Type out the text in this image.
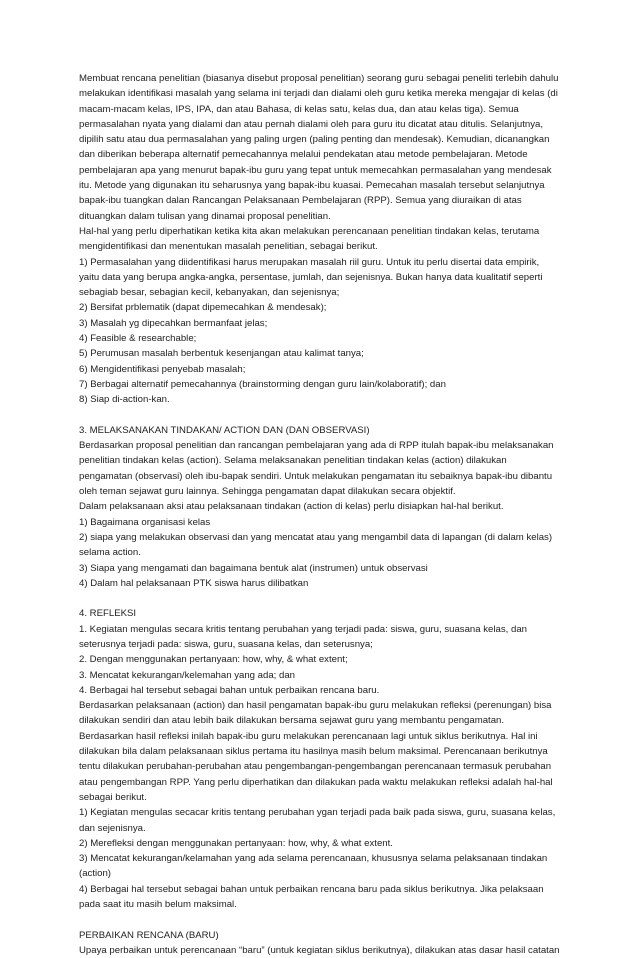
Membuat rencana penelitian (biasanya disebut proposal penelitian) seorang guru sebagai peneliti terlebih dahulu
melakukan identifikasi masalah yang selama ini terjadi dan dialami oleh guru ketika mereka mengajar di kelas (di
macam-macam kelas, IPS, IPA, dan atau Bahasa, di kelas satu, kelas dua, dan atau kelas tiga). Semua
permasalahan nyata yang dialami dan atau pernah dialami oleh para guru itu dicatat atau ditulis. Selanjutnya,
dipilih satu atau dua permasalahan yang paling urgen (paling penting dan mendesak). Kemudian, dicanangkan
dan diberikan beberapa alternatif pemecahannya melalui pendekatan atau metode pembelajaran. Metode
pembelajaran apa yang menurut bapak-ibu guru yang tepat untuk memecahkan permasalahan yang mendesak
itu. Metode yang digunakan itu seharusnya yang bapak-ibu kuasai. Pemecahan masalah tersebut selanjutnya
bapak-ibu tuangkan dalan Rancangan Pelaksanaan Pembelajaran (RPP). Semua yang diuraikan di atas
dituangkan dalam tulisan yang dinamai proposal penelitian.
Hal-hal yang perlu diperhatikan ketika kita akan melakukan perencanaan penelitian tindakan kelas, terutama
mengidentifikasi dan menentukan masalah penelitian, sebagai berikut.
1) Permasalahan yang diidentifikasi harus merupakan masalah riil guru. Untuk itu perlu disertai data empirik,
yaitu data yang berupa angka-angka, persentase, jumlah, dan sejenisnya. Bukan hanya data kualitatif seperti
sebagiab besar, sebagian kecil, kebanyakan, dan sejenisnya;
2) Bersifat prblematik (dapat dipemecahkan & mendesak);
3) Masalah yg dipecahkan bermanfaat jelas;
4) Feasible & researchable;
5) Perumusan masalah berbentuk kesenjangan atau kalimat tanya;
6) Mengidentifikasi penyebab masalah;
7) Berbagai alternatif pemecahannya (brainstorming dengan guru lain/kolaboratif); dan
8) Siap di-action-kan.
3. MELAKSANAKAN TINDAKAN/ ACTION DAN (DAN OBSERVASI)
Berdasarkan proposal penelitian dan rancangan pembelajaran yang ada di RPP itulah bapak-ibu melaksanakan
penelitian tindakan kelas (action). Selama melaksanakan penelitian tindakan kelas (action) dilakukan
pengamatan (observasi) oleh ibu-bapak sendiri. Untuk melakukan pengamatan itu sebaiknya bapak-ibu dibantu
oleh teman sejawat guru lainnya. Sehingga pengamatan dapat dilakukan secara objektif.
Dalam pelaksanaan aksi atau pelaksanaan tindakan (action di kelas) perlu disiapkan hal-hal berikut.
1) Bagaimana organisasi kelas
2) siapa yang melakukan observasi dan yang mencatat atau yang mengambil data di lapangan (di dalam kelas)
selama action.
3) Siapa yang mengamati dan bagaimana bentuk alat (instrumen) untuk observasi
4) Dalam hal pelaksanaan PTK siswa harus dilibatkan
4. REFLEKSI
1. Kegiatan mengulas secara kritis tentang perubahan yang terjadi pada: siswa, guru, suasana kelas, dan
seterusnya terjadi pada: siswa, guru, suasana kelas, dan seterusnya;
2. Dengan menggunakan pertanyaan: how, why, & what extent;
3. Mencatat kekurangan/kelemahan yang ada; dan
4. Berbagai hal tersebut sebagai bahan untuk perbaikan rencana baru.
Berdasarkan pelaksanaan (action) dan hasil pengamatan bapak-ibu guru melakukan refleksi (perenungan) bisa
dilakukan sendiri dan atau lebih baik dilakukan bersama sejawat guru yang membantu pengamatan.
Berdasarkan hasil refleksi inilah bapak-ibu guru melakukan perencanaan lagi untuk siklus berikutnya. Hal ini
dilakukan bila dalam pelaksanaan siklus pertama itu hasilnya masih belum maksimal. Perencanaan berikutnya
tentu dilakukan perubahan-perubahan atau pengembangan-pengembangan perencanaan termasuk perubahan
atau pengembangan RPP. Yang perlu diperhatikan dan dilakukan pada waktu melakukan refleksi adalah hal-hal
sebagai berikut.
1) Kegiatan mengulas secacar kritis tentang perubahan ygan terjadi pada baik pada siswa, guru, suasana kelas,
dan sejenisnya.
2) Merefleksi dengan menggunakan pertanyaan: how, why, & what extent.
3) Mencatat kekurangan/kelamahan yang ada selama perencanaan, khususnya selama pelaksanaan tindakan
(action)
4) Berbagai hal tersebut sebagai bahan untuk perbaikan rencana baru pada siklus berikutnya. Jika pelaksaan
pada saat itu masih belum maksimal.
PERBAIKAN RENCANA (BARU)
Upaya perbaikan untuk perencanaan “baru” (untuk kegiatan siklus berikutnya), dilakukan atas dasar hasil catatan
